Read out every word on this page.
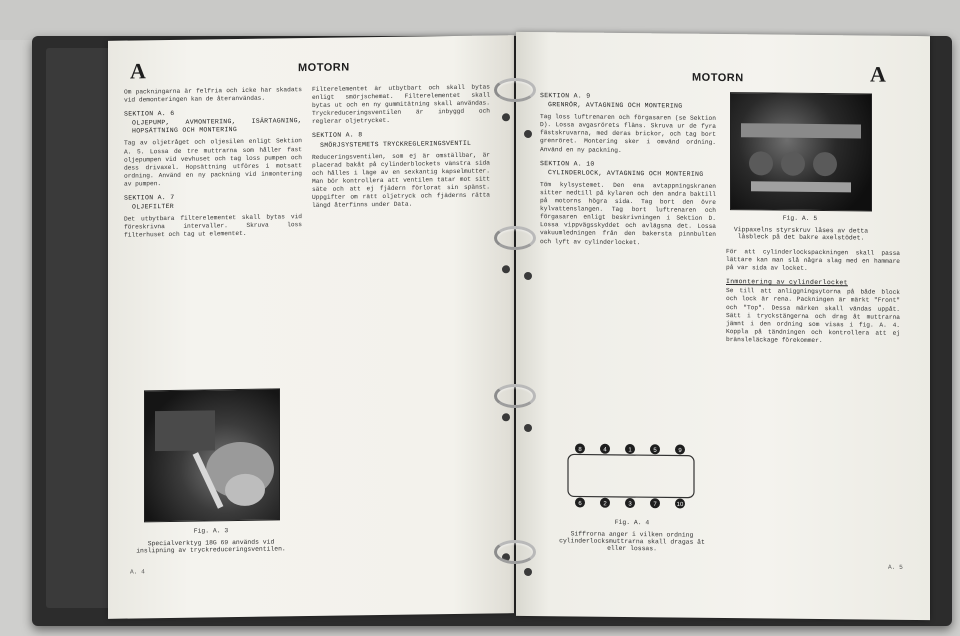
A	MOTORN

Om packningarna är felfria och icke har skadats vid demonteringen kan de återanvändas.

SEKTION A. 6
OLJEPUMP, AVMONTERING, ISÄRTAGNING, HOPSÄTTNING OCH MONTERING

Tag av oljetråget och oljesilen enligt Sektion A. 5. Lossa de tre muttrarna som håller fast oljepumpen vid vevhuset och tag loss pumpen och dess drivaxel. Hopsättning utföres i motsatt ordning. Använd en ny packning vid inmontering av pumpen.

SEKTION A. 7
OLJEFILTER

Det utbytbara filterelementet skall bytas vid föreskrivna intervaller. Skruva loss filterhuset och tag ut elementet.

Fig. A. 3
Specialverktyg 18G 69 används vid inslipning av tryckreduceringsventilen.

Filterelementet är utbytbart och skall bytas enligt smörjschemat. Filterelementet skall bytas ut och en ny gummitätning skall användas. Tryckreduceringsventilen är inbyggd och reglerar oljetrycket.

SEKTION A. 8
SMÖRJSYSTEMETS TRYCKREGLERINGSVENTIL

Reduceringsventilen, som ej är omställbar, är placerad bakåt på cylinderblockets vänstra sida och hålles i läge av en sexkantig kapselmutter. Man bör kontrollera att ventilen tätar mot sitt säte och att ej fjädern förlorat sin spänst. Uppgifter om rätt oljetryck och fjäderns rätta längd återfinns under Data.

A. 4
MOTORN	A
SEKTION A. 9
GRENRÖR, AVTAGNING OCH MONTERING

Tag loss luftrenaren och förgasaren (se Sektion D). Lossa avgasrörets fläns. Skruva ur de fyra fästskruvarna, med deras brickor, och tag bort grenröret. Montering sker i omvänd ordning. Använd en ny packning.

SEKTION A. 10
CYLINDERLOCK, AVTAGNING OCH MONTERING

Töm kylsystemet. Den ena avtappningskranen sitter nedtill på kylaren och den andra baktill på motorns högra sida. Tag bort den övre kylvattenslangen. Tag bort luftrenaren och förgasaren enligt beskrivningen i Sektion D. Lossa vippvägsskyddet och avlägsna det. Lossa vakuumledningen från den bakersta pinnbulten och lyft av cylinderlocket.

8	4	1	5	9
6	2	3	7	10
Fig. A. 4
Siffrorna anger i vilken ordning cylinderlocksmuttrarna skall dragas åt eller lossas.
Fig. A. 5
Vippaxelns styrskruv låses av detta låsbleck på det bakre axelstödet.

För att cylinderlockspackningen skall passa lättare kan man slå några slag med en hammare på var sida av locket.

Inmontering av cylinderlocket

Se till att anliggningsytorna på både block och lock är rena. Packningen är märkt "Front" och "Top". Dessa märken skall vändas uppåt. Sätt i tryckstängerna och drag åt muttrarna jämnt i den ordning som visas i fig. A. 4. Koppla på tändningen och kontrollera att ej bränsleläckage förekommer.

A. 5
